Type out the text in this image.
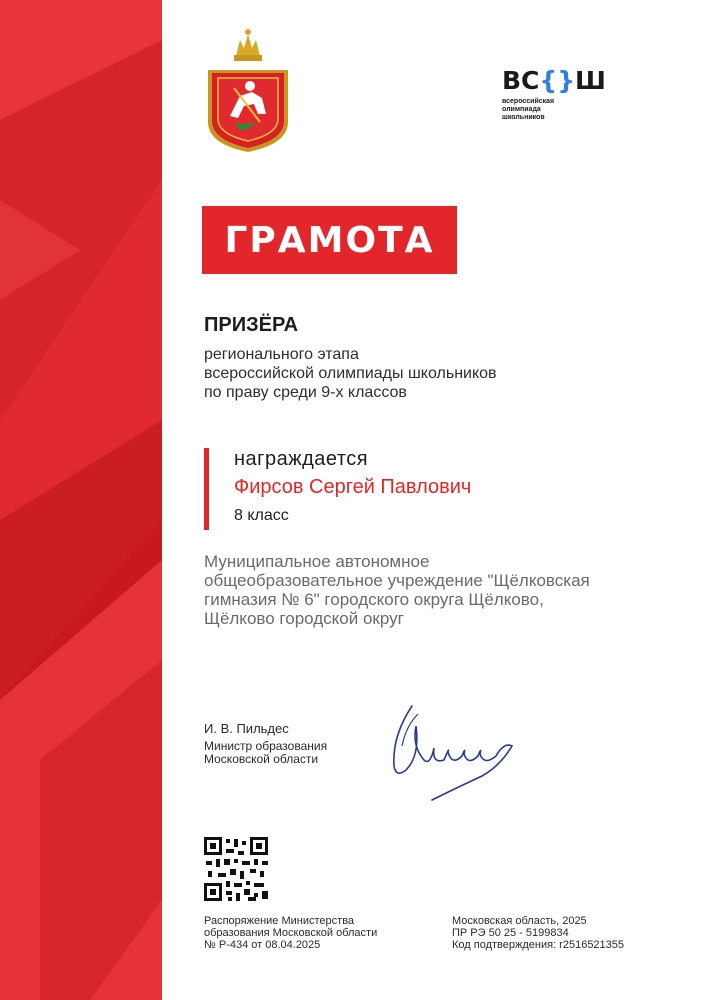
ВС{}Ш
всероссийская
олимпиада
школьников
ГРАМОТА
ПРИЗЁРА
регионального этапа
всероссийской олимпиады школьников
по праву среди 9-х классов
награждается
Фирсов Сергей Павлович
8 класс
Муниципальное автономное
общеобразовательное учреждение "Щёлковская
гимназия № 6" городского округа Щёлково,
Щёлково городской округ
И. В. Пильдес
Министр образования
Московской области
Распоряжение Министерства
образования Московской области
№ Р-434 от 08.04.2025
Московская область, 2025
ПР РЭ 50 25 - 5199834
Код подтверждения: r2516521355
